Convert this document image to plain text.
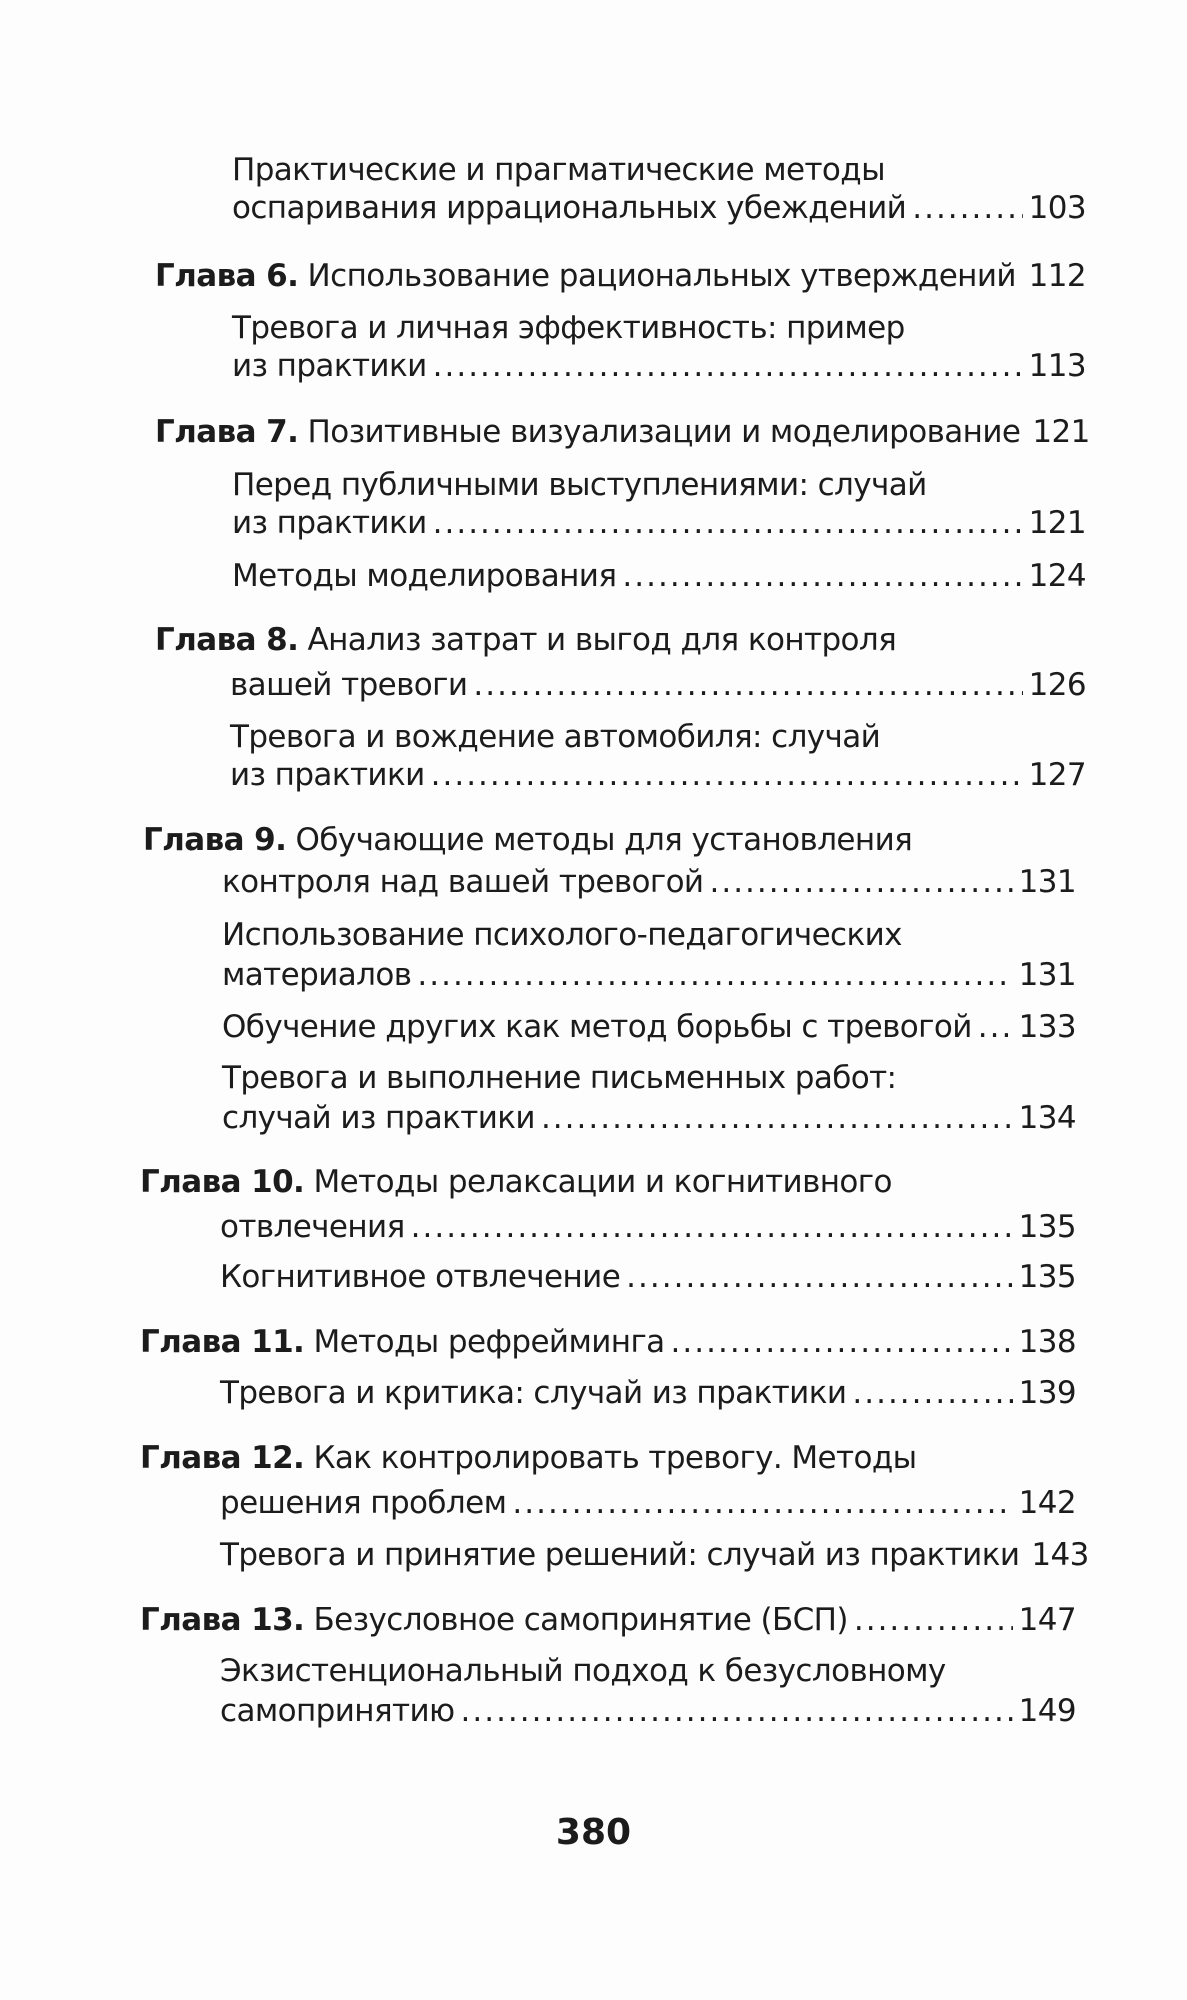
Практические и прагматические методы
оспаривания иррациональных убеждений .....	103
Глава 6. Использование рациональных утверждений ..... 112
Тревога и личная эффективность: пример
из практики .....	113
Глава 7. Позитивные визуализации и моделирование 121
Перед публичными выступлениями: случай
из практики .....	121
Методы моделирования .....	124
Глава 8. Анализ затрат и выгод для контроля
вашей тревоги .....	126
Тревога и вождение автомобиля: случай
из практики .....	127
Глава 9. Обучающие методы для установления
контроля над вашей тревогой .....	131
Использование психолого-педагогических
материалов .....	131
Обучение других как метод борьбы с тревогой ..... 133
Тревога и выполнение письменных работ:
случай из практики .....	134
Глава 10. Методы релаксации и когнитивного
отвлечения .....	135
Когнитивное отвлечение .....	135
Глава 11. Методы рефрейминга .....	138
Тревога и критика: случай из практики .....	139
Глава 12. Как контролировать тревогу. Методы
решения проблем .....	142
Тревога и принятие решений: случай из практики 143
Глава 13. Безусловное самопринятие (БСП) .....	147
Экзистенциональный подход к безусловному
самопринятию .....	149
380
